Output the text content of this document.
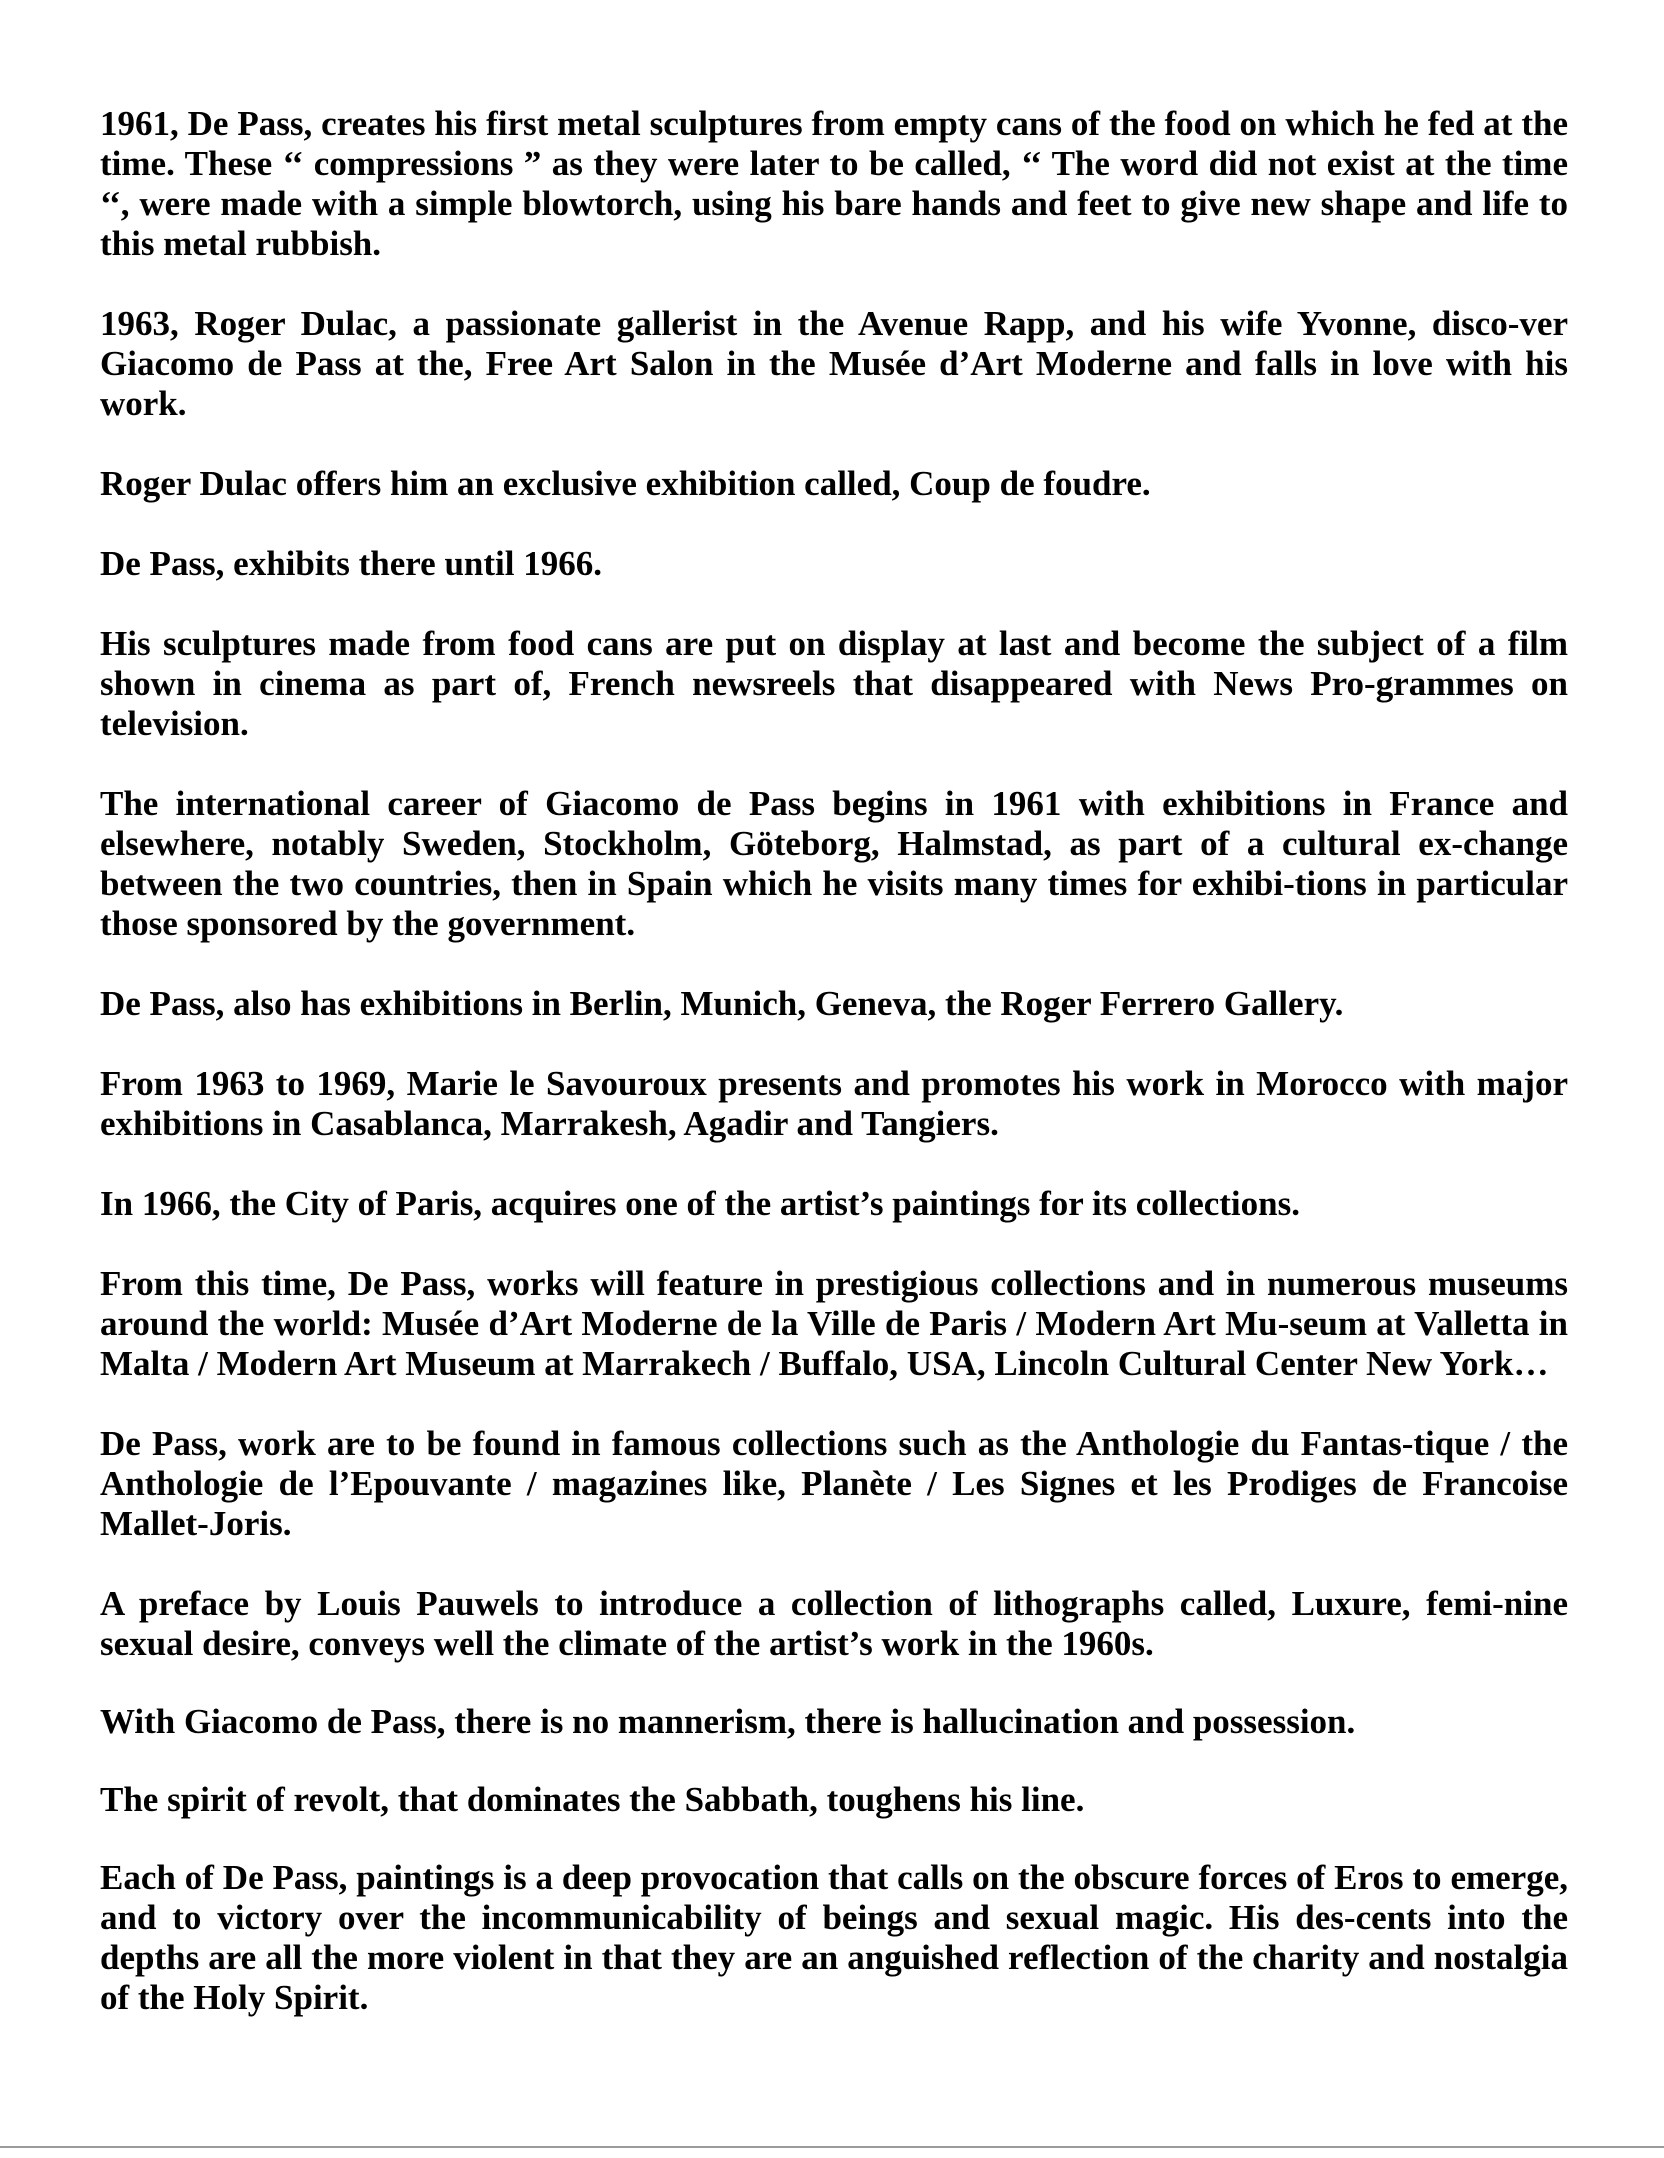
1961, De Pass, creates his first metal sculptures from empty cans of the food on which he fed at the time. These ‘‘ compressions ” as they were later to be called, ‘‘ The word did not exist at the time ‘‘, were made with a simple blowtorch, using his bare hands and feet to give new shape and life to this metal rubbish.

1963, Roger Dulac, a passionate gallerist in the Avenue Rapp, and his wife Yvonne, disco-ver Giacomo de Pass at the, Free Art Salon in the Musée d’Art Moderne and falls in love with his work.

Roger Dulac offers him an exclusive exhibition called, Coup de foudre.

De Pass, exhibits there until 1966.

His sculptures made from food cans are put on display at last and become the subject of a film shown in cinema as part of, French newsreels that disappeared with News Pro-grammes on television.

The international career of Giacomo de Pass begins in 1961 with exhibitions in France and elsewhere, notably Sweden, Stockholm, Göteborg, Halmstad, as part of a cultural ex-change between the two countries, then in Spain which he visits many times for exhibi-tions in particular those sponsored by the government.

De Pass, also has exhibitions in Berlin, Munich, Geneva, the Roger Ferrero Gallery.

From 1963 to 1969, Marie le Savouroux presents and promotes his work in Morocco with major exhibitions in Casablanca, Marrakesh, Agadir and Tangiers.

In 1966, the City of Paris, acquires one of the artist’s paintings for its collections.

From this time, De Pass, works will feature in prestigious collections and in numerous museums around the world: Musée d’Art Moderne de la Ville de Paris / Modern Art Mu-seum at Valletta in Malta / Modern Art Museum at Marrakech / Buffalo, USA, Lincoln Cultural Center New York…

De Pass, work are to be found in famous collections such as the Anthologie du Fantas-tique / the Anthologie de l’Epouvante / magazines like, Planète / Les Signes et les Prodiges de Francoise Mallet-Joris.

A preface by Louis Pauwels to introduce a collection of lithographs called, Luxure, femi-nine sexual desire, conveys well the climate of the artist’s work in the 1960s.

With Giacomo de Pass, there is no mannerism, there is hallucination and possession.

The spirit of revolt, that dominates the Sabbath, toughens his line.

Each of De Pass, paintings is a deep provocation that calls on the obscure forces of Eros to emerge, and to victory over the incommunicability of beings and sexual magic. His des-cents into the depths are all the more violent in that they are an anguished reflection of the charity and nostalgia of the Holy Spirit.
